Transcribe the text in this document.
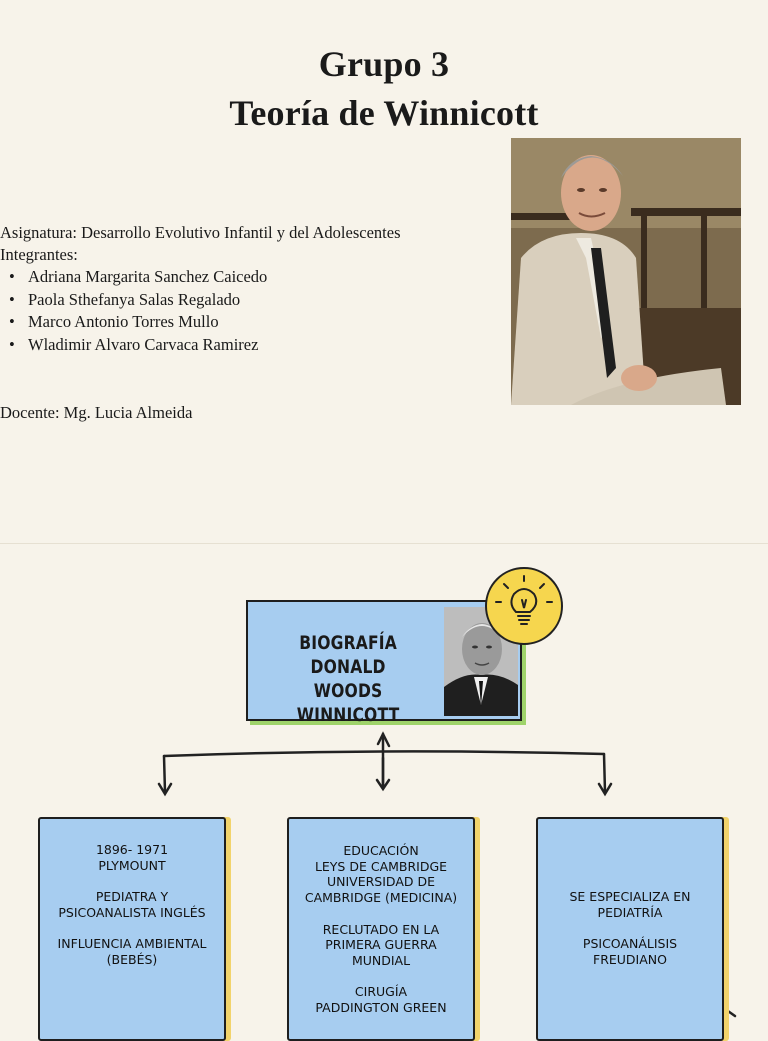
Grupo 3
Teoría de Winnicott
Asignatura: Desarrollo Evolutivo Infantil y del Adolescentes
Integrantes:
• Adriana Margarita Sanchez Caicedo
• Paola Sthefanya Salas Regalado
• Marco Antonio Torres Mullo
• Wladimir Alvaro Carvaca Ramirez
Docente: Mg. Lucia Almeida
BIOGRAFÍA DONALD
WOODS WINNICOTT
1896- 1971
PLYMOUNT
PEDIATRA Y
PSICOANALISTA INGLÉS
INFLUENCIA AMBIENTAL
(BEBÉS)
EDUCACIÓN
LEYS DE CAMBRIDGE
UNIVERSIDAD DE
CAMBRIDGE (MEDICINA)
RECLUTADO EN LA
PRIMERA GUERRA
MUNDIAL
CIRUGÍA
PADDINGTON GREEN
SE ESPECIALIZA EN
PEDIATRÍA
PSICOANÁLISIS
FREUDIANO
